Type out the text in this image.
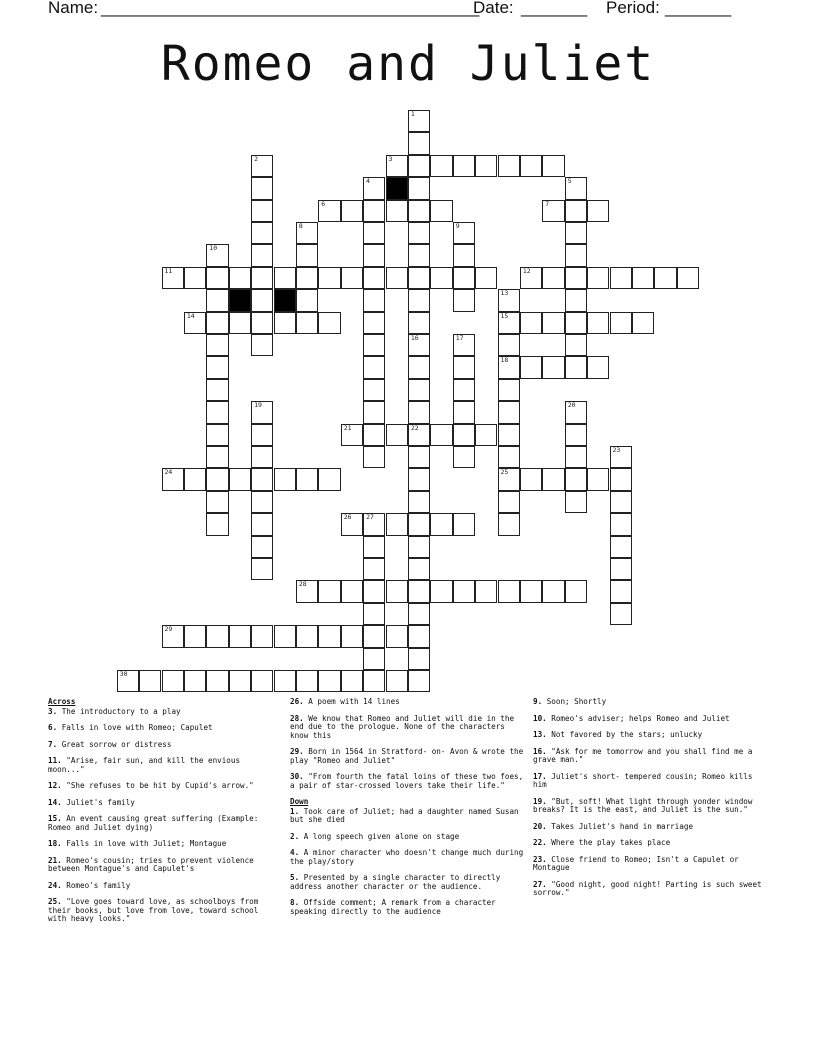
Name: ________________________________________
Date: _______ Period: _______
Romeo and Juliet
1
16
22
2	3
4	5
6	7
8	9
10
11	12
13
15
18
25
14
17
19	20
21
23
24
26 27
28
29
30
Across
3. The introductory to a play
6. Falls in love with Romeo; Capulet
7. Great sorrow or distress
11. "Arise, fair sun, and kill the envious moon..."
12. "She refuses to be hit by Cupid's arrow."
14. Juliet's family
15. An event causing great suffering (Example: Romeo and Juliet dying)
18. Falls in love with Juliet; Montague
21. Romeo's cousin; tries to prevent violence between Montague's and Capulet's
24. Romeo's family
25. "Love goes toward love, as schoolboys from their books, but love from love, toward school with heavy looks."
26. A poem with 14 lines
28. We know that Romeo and Juliet will die in the end due to the prologue. None of the characters know this
29. Born in 1564 in Stratford- on- Avon & wrote the play "Romeo and Juliet"
30. "From fourth the fatal loins of these two foes, a pair of star-crossed lovers take their life."
Down
1. Took care of Juliet; had a daughter named Susan but she died
2. A long speech given alone on stage
4. A minor character who doesn't change much during the play/story
5. Presented by a single character to directly address another character or the audience.
8. Offside comment; A remark from a character speaking directly to the audience
9. Soon; Shortly
10. Romeo's adviser; helps Romeo and Juliet
13. Not favored by the stars; unlucky
16. "Ask for me tomorrow and you shall find me a grave man."
17. Juliet's short- tempered cousin; Romeo kills him
19. "But, soft! What light through yonder window breaks? It is the east, and Juliet is the sun."
20. Takes Juliet's hand in marriage
22. Where the play takes place
23. Close friend to Romeo; Isn't a Capulet or Montague
27. "Good night, good night! Parting is such sweet sorrow."
